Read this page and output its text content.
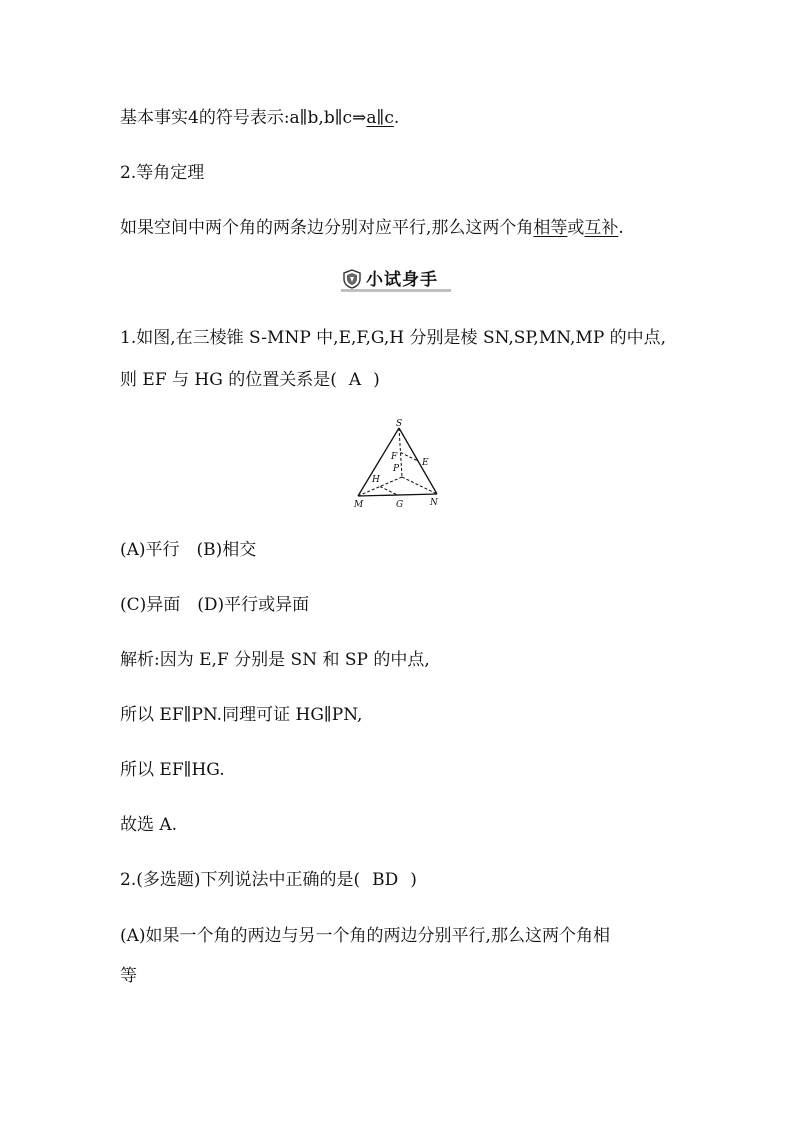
基本事实4的符号表示:a∥b,b∥c⇒a∥c.
2.等角定理
如果空间中两个角的两条边分别对应平行,那么这两个角相等或互补.
小试身手
1.如图,在三棱锥 S-MNP 中,E,F,G,H 分别是棱 SN,SP,MN,MP 的中点,
则 EF 与 HG 的位置关系是( A )
S
F
P
E
H
M	G	N
(A)平行　(B)相交
(C)异面　(D)平行或异面
解析:因为 E,F 分别是 SN 和 SP 的中点,
所以 EF∥PN.同理可证 HG∥PN,
所以 EF∥HG.
故选 A.
2.(多选题)下列说法中正确的是( BD )
(A)如果一个角的两边与另一个角的两边分别平行,那么这两个角相
等
